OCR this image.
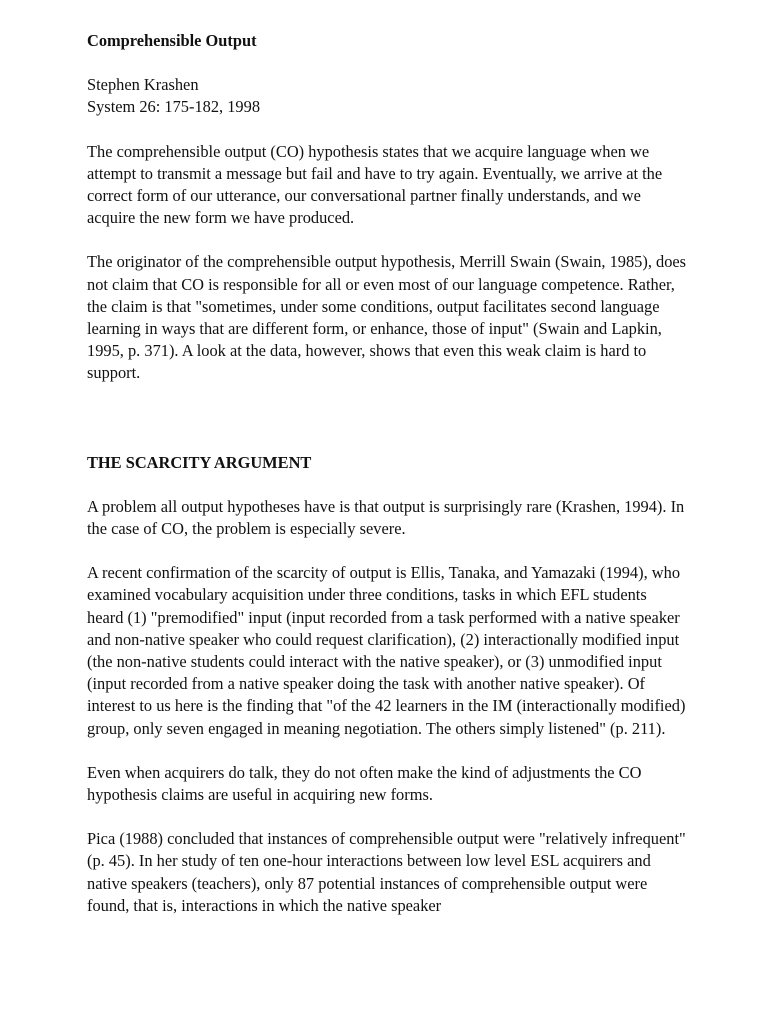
Comprehensible Output
Stephen Krashen
System 26: 175-182, 1998

The comprehensible output (CO) hypothesis states that we acquire language when we attempt to transmit a message but fail and have to try again. Eventually, we arrive at the correct form of our utterance, our conversational partner finally understands, and we acquire the new form we have produced.

The originator of the comprehensible output hypothesis, Merrill Swain (Swain, 1985), does not claim that CO is responsible for all or even most of our language competence. Rather, the claim is that "sometimes, under some conditions, output facilitates second language learning in ways that are different form, or enhance, those of input" (Swain and Lapkin, 1995, p. 371). A look at the data, however, shows that even this weak claim is hard to support.

THE SCARCITY ARGUMENT

A problem all output hypotheses have is that output is surprisingly rare (Krashen, 1994). In the case of CO, the problem is especially severe.

A recent confirmation of the scarcity of output is Ellis, Tanaka, and Yamazaki (1994), who examined vocabulary acquisition under three conditions, tasks in which EFL students heard (1) "premodified" input (input recorded from a task performed with a native speaker and non-native speaker who could request clarification), (2) interactionally modified input (the non-native students could interact with the native speaker), or (3) unmodified input (input recorded from a native speaker doing the task with another native speaker). Of interest to us here is the finding that "of the 42 learners in the IM (interactionally modified) group, only seven engaged in meaning negotiation. The others simply listened" (p. 211).

Even when acquirers do talk, they do not often make the kind of adjustments the CO hypothesis claims are useful in acquiring new forms.

Pica (1988) concluded that instances of comprehensible output were "relatively infrequent" (p. 45). In her study of ten one-hour interactions between low level ESL acquirers and native speakers (teachers), only 87 potential instances of comprehensible output were found, that is, interactions in which the native speaker
